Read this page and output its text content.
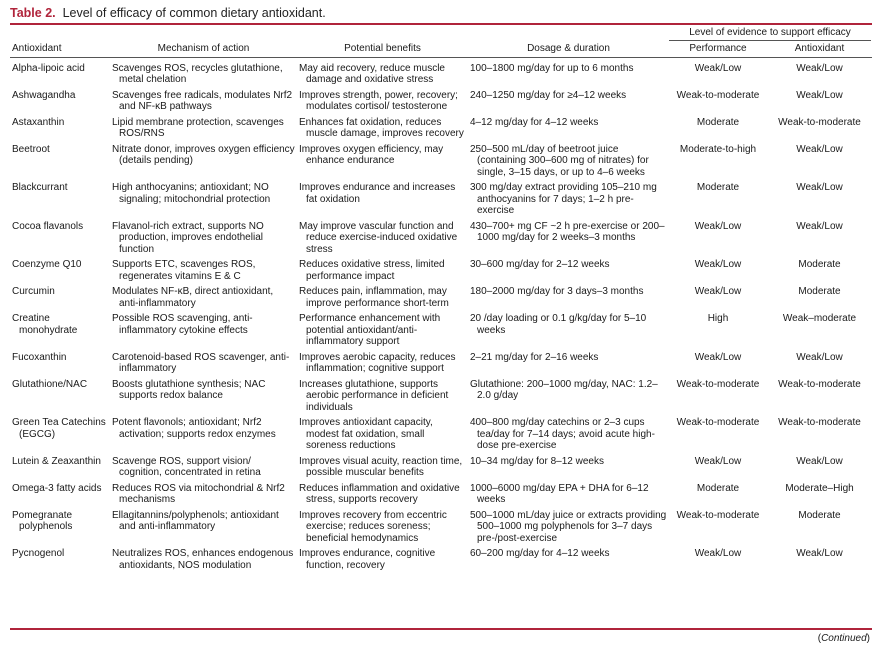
Table 2. Level of efficacy of common dietary antioxidant.
Level of evidence to support efficacy
Antioxidant	Mechanism of action	Potential benefits	Dosage & duration	Performance	Antioxidant

Alpha-lipoic acid	Scavenges ROS, recycles glutathione, metal chelation	May aid recovery, reduce muscle damage and oxidative stress	100–1800 mg/day for up to 6 months	Weak/Low	Weak/Low

Ashwagandha	Scavenges free radicals, modulates Nrf2 and NF-κB pathways	Improves strength, power, recovery; modulates cortisol/ testosterone	240–1250 mg/day for ≥4–12 weeks	Weak-to-moderate	Weak/Low

Astaxanthin	Lipid membrane protection, scavenges ROS/RNS	Enhances fat oxidation, reduces muscle damage, improves recovery	4–12 mg/day for 4–12 weeks	Moderate	Weak-to-moderate

Beetroot	Nitrate donor, improves oxygen efficiency (details pending)	Improves oxygen efficiency, may enhance endurance	250–500 mL/day of beetroot juice (containing 300–600 mg of nitrates) for single, 3–15 days, or up to 4–6 weeks	Moderate-to-high	Weak/Low

Blackcurrant	High anthocyanins; antioxidant; NO signaling; mitochondrial protection	Improves endurance and increases fat oxidation	300 mg/day extract providing 105–210 mg anthocyanins for 7 days; 1–2 h pre-exercise	Moderate	Weak/Low

Cocoa flavanols	Flavanol-rich extract, supports NO production, improves endothelial function	May improve vascular function and reduce exercise-induced oxidative stress	430–700+ mg CF ~2 h pre-exercise or 200–1000 mg/day for 2 weeks–3 months	Weak/Low	Weak/Low

Coenzyme Q10	Supports ETC, scavenges ROS, regenerates vitamins E & C	Reduces oxidative stress, limited performance impact	30–600 mg/day for 2–12 weeks	Weak/Low	Moderate

Curcumin	Modulates NF-κB, direct antioxidant, anti-inflammatory	Reduces pain, inflammation, may improve performance short-term	180–2000 mg/day for 3 days–3 months	Weak/Low	Moderate

Creatine monohydrate	Possible ROS scavenging, anti-inflammatory cytokine effects	Performance enhancement with potential antioxidant/anti-inflammatory support	20 /day loading or 0.1 g/kg/day for 5–10 weeks	High	Weak–moderate

Fucoxanthin	Carotenoid-based ROS scavenger, anti-inflammatory	Improves aerobic capacity, reduces inflammation; cognitive support	2–21 mg/day for 2–16 weeks	Weak/Low	Weak/Low

Glutathione/NAC	Boosts glutathione synthesis; NAC supports redox balance	Increases glutathione, supports aerobic performance in deficient individuals	Glutathione: 200–1000 mg/day, NAC: 1.2–2.0 g/day	Weak-to-moderate	Weak-to-moderate

Green Tea Catechins (EGCG)	Potent flavonols; antioxidant; Nrf2 activation; supports redox enzymes	Improves antioxidant capacity, modest fat oxidation, small soreness reductions	400–800 mg/day catechins or 2–3 cups tea/day for 7–14 days; avoid acute high-dose pre-exercise	Weak-to-moderate	Weak-to-moderate

Lutein & Zeaxanthin	Scavenge ROS, support vision/ cognition, concentrated in retina	Improves visual acuity, reaction time, possible muscular benefits	10–34 mg/day for 8–12 weeks	Weak/Low	Weak/Low

Omega-3 fatty acids	Reduces ROS via mitochondrial & Nrf2 mechanisms	Reduces inflammation and oxidative stress, supports recovery	1000–6000 mg/day EPA + DHA for 6–12 weeks	Moderate	Moderate–High

Pomegranate polyphenols	Ellagitannins/polyphenols; antioxidant and anti-inflammatory	Improves recovery from eccentric exercise; reduces soreness; beneficial hemodynamics	500–1000 mL/day juice or extracts providing 500–1000 mg polyphenols for 3–7 days pre-/post-exercise	Weak-to-moderate	Moderate

Pycnogenol	Neutralizes ROS, enhances endogenous antioxidants, NOS modulation	Improves endurance, cognitive function, recovery	60–200 mg/day for 4–12 weeks	Weak/Low	Weak/Low
(Continued)
